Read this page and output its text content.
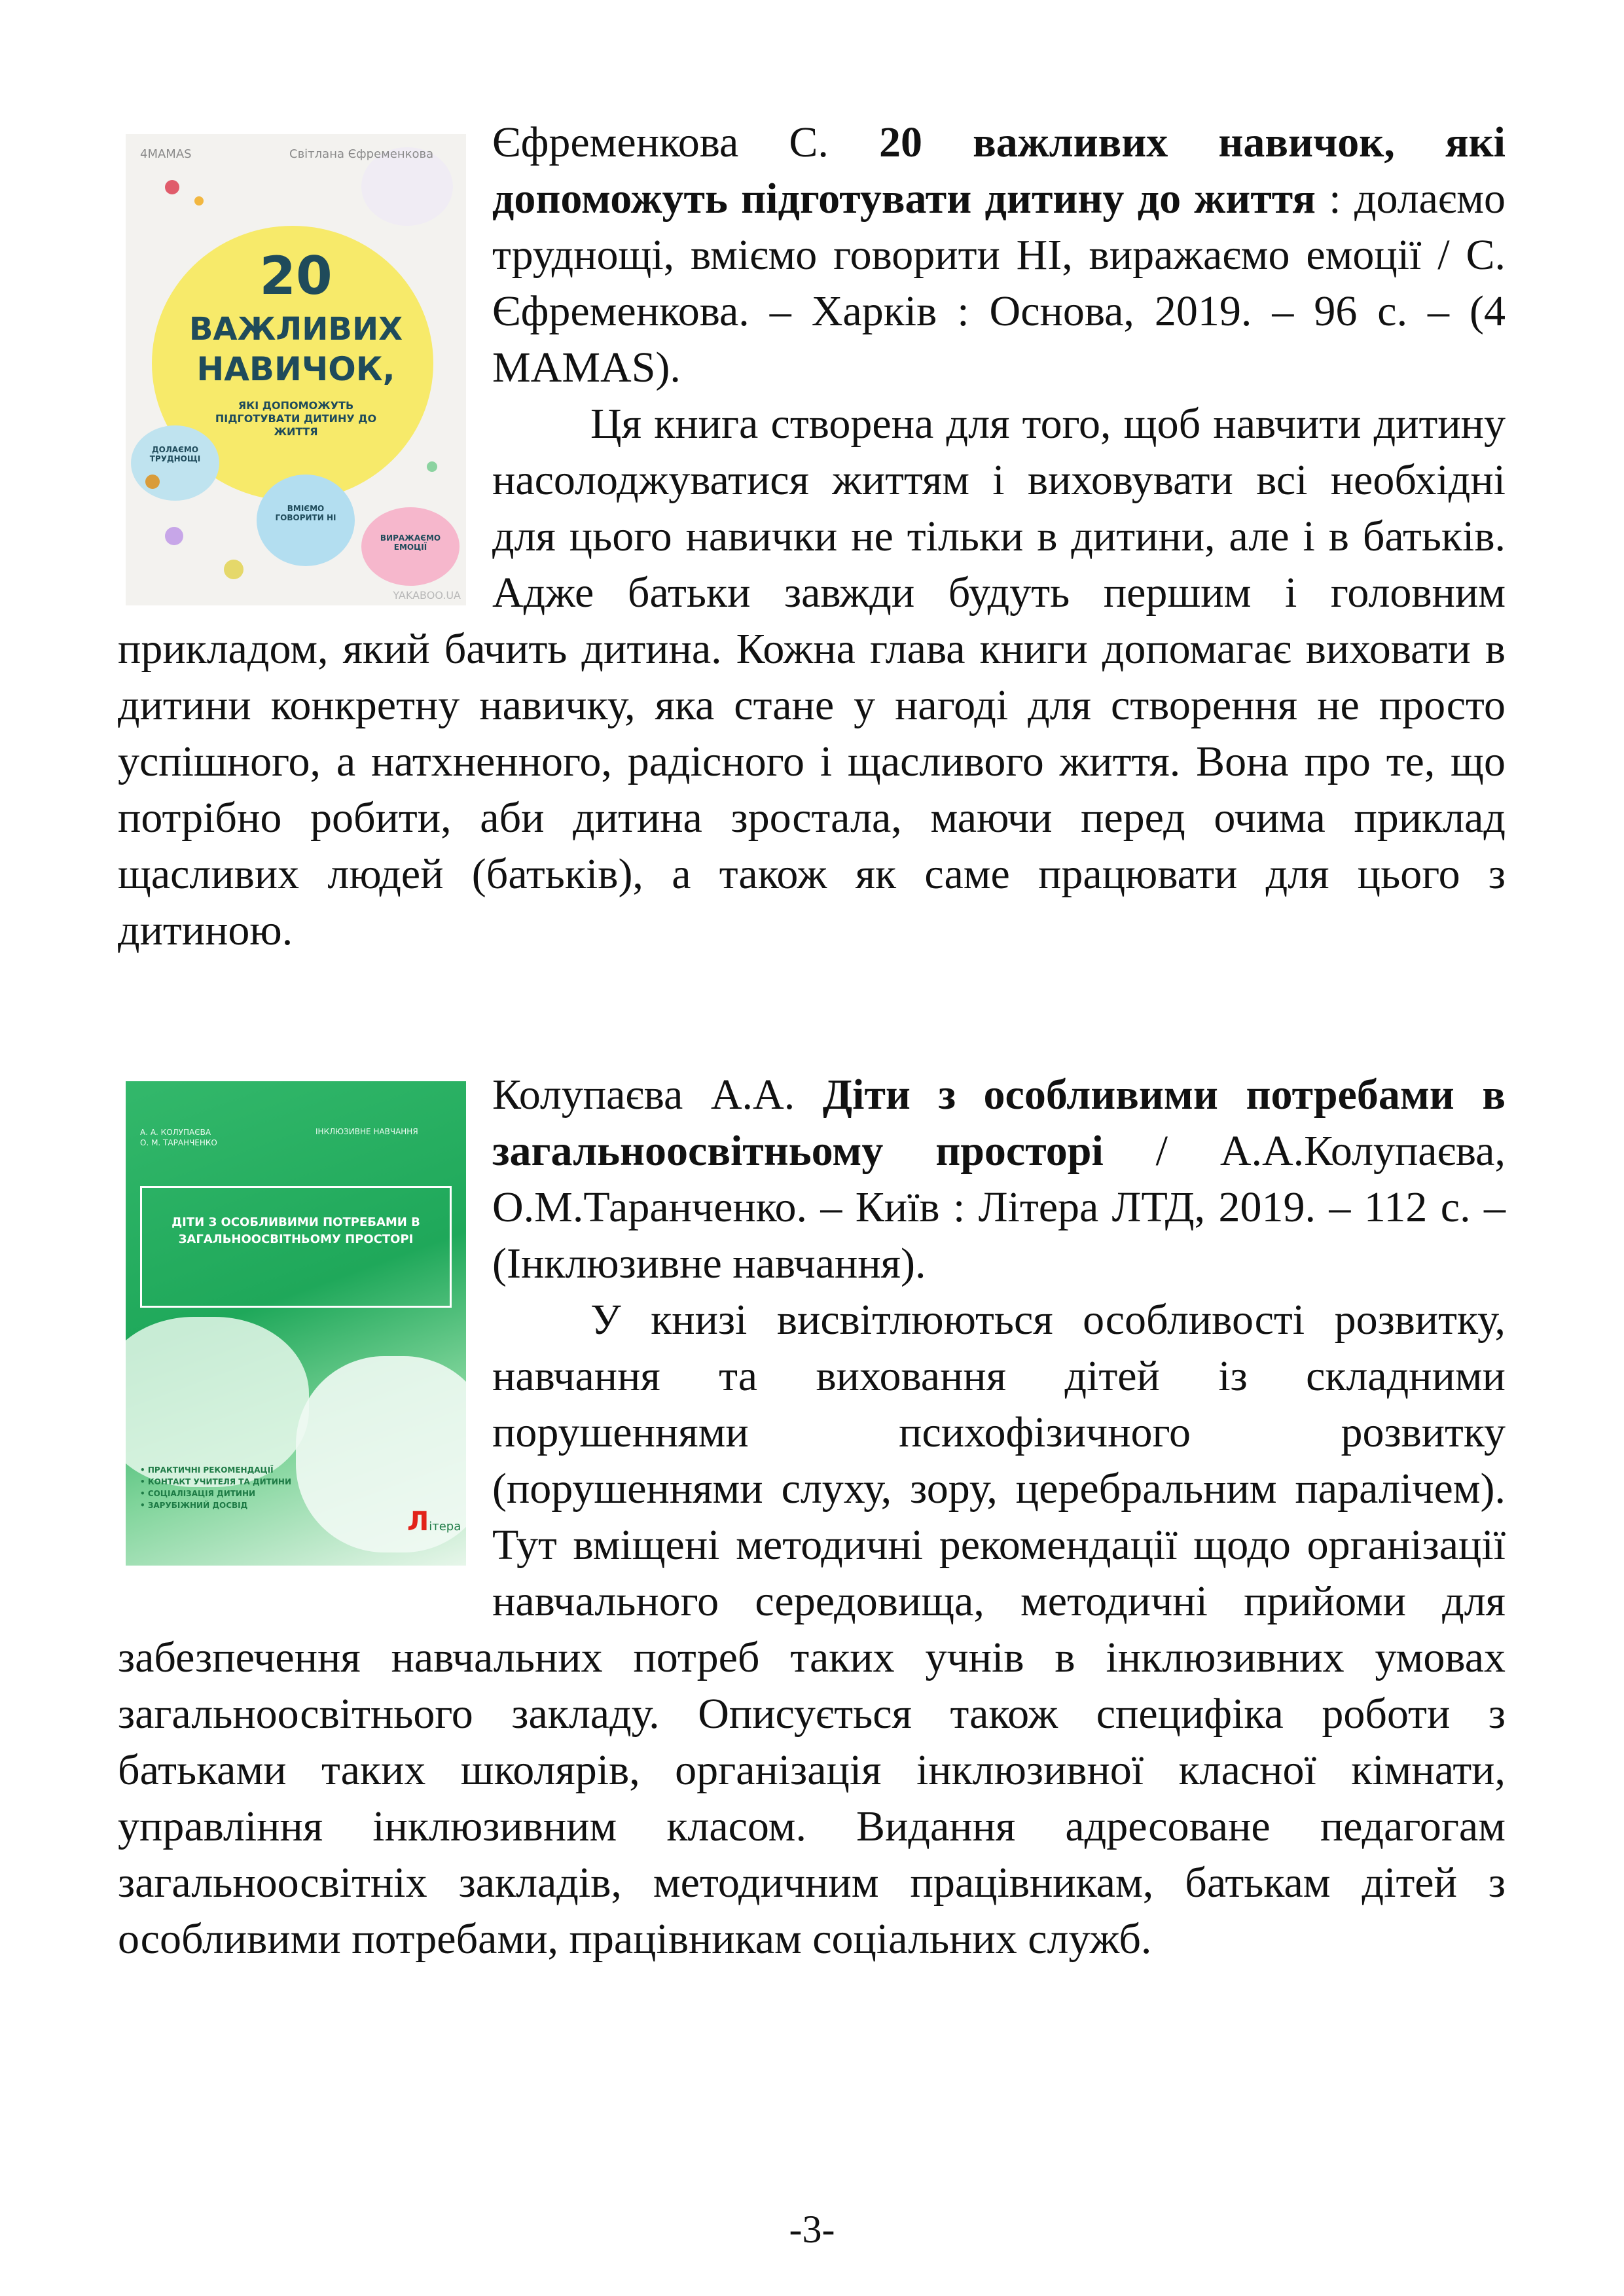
4MAMAS	Світлана Єфременкова
20
ВАЖЛИВИХ
НАВИЧОК,
ЯКІ ДОПОМОЖУТЬ ПІДГОТУВАТИ ДИТИНУ ДО ЖИТТЯ
ДОЛАЄМО ТРУДНОЩІ
ВМІЄМО ГОВОРИТИ НІ
ВИРАЖАЄМО ЕМОЦІЇ
YAKABOO.UA

Єфременкова С. 20 важливих навичок, які допоможуть підготувати дитину до життя : долаємо труднощі, вміємо говорити НІ, виражаємо емоції / С. Єфременкова. – Харків : Основа, 2019. – 96 с. – (4 MAMAS).

Ця книга створена для того, щоб навчити дитину насолоджуватися життям і виховувати всі необхідні для цього навички не тільки в дитини, але і в батьків. Адже батьки завжди будуть першим і головним прикладом, який бачить дитина. Кожна глава книги допомагає виховати в дитини конкретну навичку, яка стане у нагоді для створення не просто успішного, а натхненного, радісного і щасливого життя. Вона про те, що потрібно робити, аби дитина зростала, маючи перед очима приклад щасливих людей (батьків), а також як саме працювати для цього з дитиною.

А. А. КОЛУПАЄВА
О. М. ТАРАНЧЕНКО
ІНКЛЮЗИВНЕ НАВЧАННЯ
ДІТИ З ОСОБЛИВИМИ ПОТРЕБАМИ В ЗАГАЛЬНООСВІТНЬОМУ ПРОСТОРІ
• ПРАКТИЧНІ РЕКОМЕНДАЦІЇ
• КОНТАКТ УЧИТЕЛЯ ТА ДИТИНИ
• СОЦІАЛІЗАЦІЯ ДИТИНИ
• ЗАРУБІЖНИЙ ДОСВІД
Літера

Колупаєва А.А. Діти з особливими потребами в загальноосвітньому просторі / А.А.Колупаєва, О.М.Таранченко. – Київ : Літера ЛТД, 2019. – 112 с. – (Інклюзивне навчання).

У книзі висвітлюються особливості розвитку, навчання та виховання дітей із складними порушеннями психофізичного розвитку (порушеннями слуху, зору, церебральним паралічем). Тут вміщені методичні рекомендації щодо організації навчального середовища, методичні прийоми для забезпечення навчальних потреб таких учнів в інклюзивних умовах загальноосвітнього закладу. Описується також специфіка роботи з батьками таких школярів, організація інклюзивної класної кімнати, управління інклюзивним класом. Видання адресоване педагогам загальноосвітніх закладів, методичним працівникам, батькам дітей з особливими потребами, працівникам соціальних служб.

-3-
